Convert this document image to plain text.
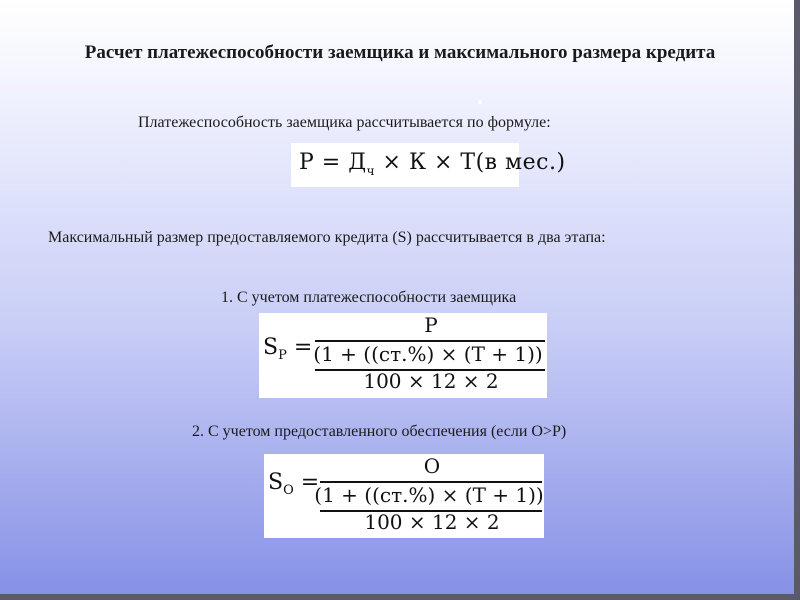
Расчет платежеспособности заемщика и максимального размера кредита
Платежеспособность заемщика рассчитывается по формуле:
$P = Д_ч \times К \times T(в$ мес.)
Максимальный размер предоставляемого кредита (S) рассчитывается в два этапа:
1. С учетом платежеспособности заемщика
$S_P$ =
P
(1 + ((ст.%) × (T + 1))
100 × 12 × 2
2. С учетом предоставленного обеспечения (если О>Р)
$S_O$ =
O
(1 + ((ст.%) × (T + 1))
100 × 12 × 2
